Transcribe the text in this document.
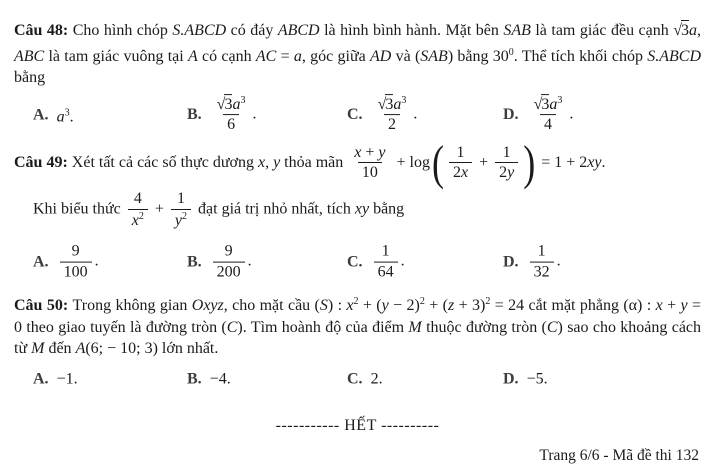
Câu 48: Cho hình chóp S.ABCD có đáy ABCD là hình bình hành. Mặt bên SAB là tam giác đều cạnh √3a, ABC là tam giác vuông tại A có cạnh AC = a, góc giữa AD và (SAB) bằng $30^0$. Thể tích khối chóp S.ABCD bằng

A. $a^3$.	B. $\frac{√3a^3}{6}$ .	C. $\frac{√3a^3}{2}$ .	D. $\frac{√3a^3}{4}$ .

Câu 49: Xét tất cả các số thực dương x, y thỏa mãn $\frac{x + y}{10} + \log( \frac{1}{2x} + \frac{1}{2y}$ ) = 1 + 2xy.

Khi biểu thức $\frac{4}{x^2} + \frac{1}{y^2}$ đạt giá trị nhỏ nhất, tích xy bằng

A. $\frac{9}{100}$ .	B. $\frac{9}{200}$ .	C. $\frac{1}{64}$ .	D. $\frac{1}{32}$ .

Câu 50: Trong không gian Oxyz, cho mặt cầu (S) : $x^2 + (y - 2)^2 + (z + 3)^2 = 24$ cắt mặt phẳng (α) : x + y = 0 theo giao tuyến là đường tròn (C). Tìm hoành độ của điểm M thuộc đường tròn (C) sao cho khoảng cách từ M đến A(6; − 10; 3) lớn nhất.

A. −1.	B. −4.	C. 2.	D. −5.

----------- HẾT ----------

Trang 6/6 - Mã đề thi 132
